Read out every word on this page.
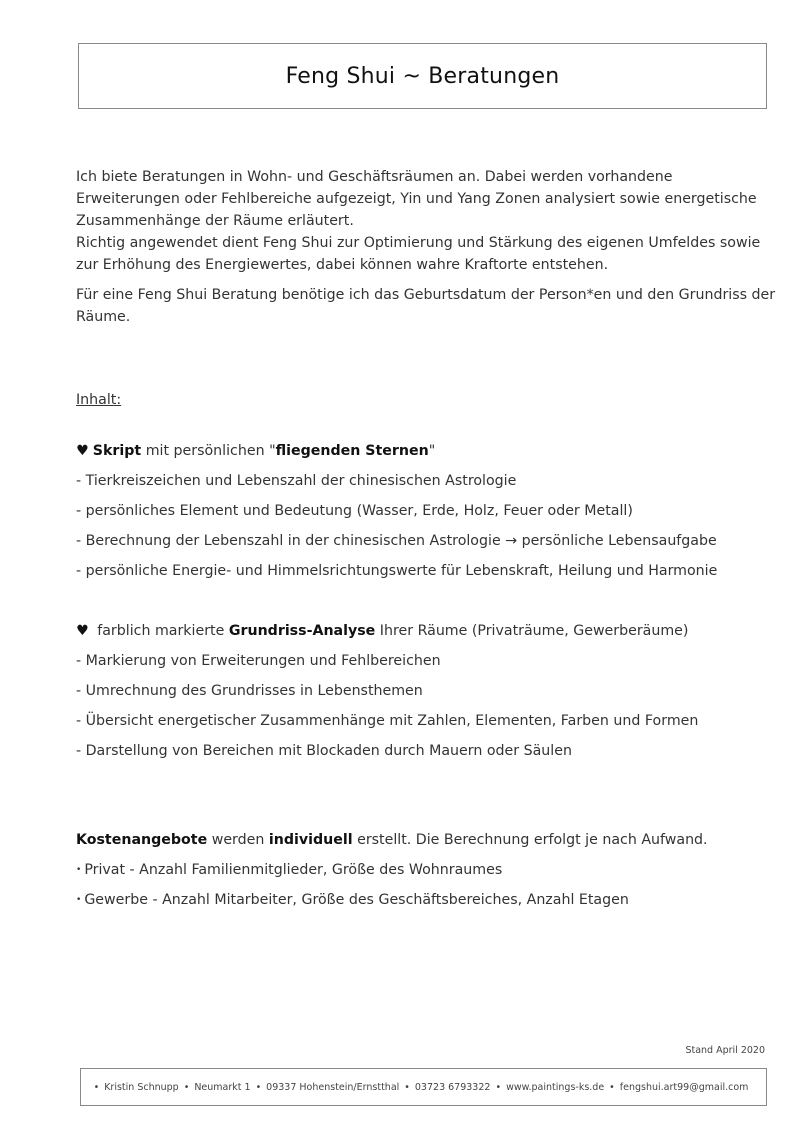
Feng Shui ~ Beratungen

Ich biete Beratungen in Wohn- und Geschäftsräumen an. Dabei werden vorhandene Erweiterungen oder Fehlbereiche aufgezeigt, Yin und Yang Zonen analysiert sowie energetische Zusammenhänge der Räume erläutert.

Richtig angewendet dient Feng Shui zur Optimierung und Stärkung des eigenen Umfeldes sowie zur Erhöhung des Energiewertes, dabei können wahre Kraftorte entstehen.

Für eine Feng Shui Beratung benötige ich das Geburtsdatum der Person*en und den Grundriss der Räume.

Inhalt:
♥ Skript mit persönlichen "fliegenden Sternen"
- Tierkreiszeichen und Lebenszahl der chinesischen Astrologie
- persönliches Element und Bedeutung (Wasser, Erde, Holz, Feuer oder Metall)
- Berechnung der Lebenszahl in der chinesischen Astrologie → persönliche Lebensaufgabe
- persönliche Energie- und Himmelsrichtungswerte für Lebenskraft, Heilung und Harmonie
♥ farblich markierte Grundriss-Analyse Ihrer Räume (Privaträume, Gewerberäume)
- Markierung von Erweiterungen und Fehlbereichen
- Umrechnung des Grundrisses in Lebensthemen
- Übersicht energetischer Zusammenhänge mit Zahlen, Elementen, Farben und Formen
- Darstellung von Bereichen mit Blockaden durch Mauern oder Säulen
Kostenangebote werden individuell erstellt. Die Berechnung erfolgt je nach Aufwand.
• Privat - Anzahl Familienmitglieder, Größe des Wohnraumes
• Gewerbe - Anzahl Mitarbeiter, Größe des Geschäftsbereiches, Anzahl Etagen
Stand April 2020
• Kristin Schnupp • Neumarkt 1 • 09337 Hohenstein/Ernstthal • 03723 6793322 • www.paintings-ks.de • fengshui.art99@gmail.com
